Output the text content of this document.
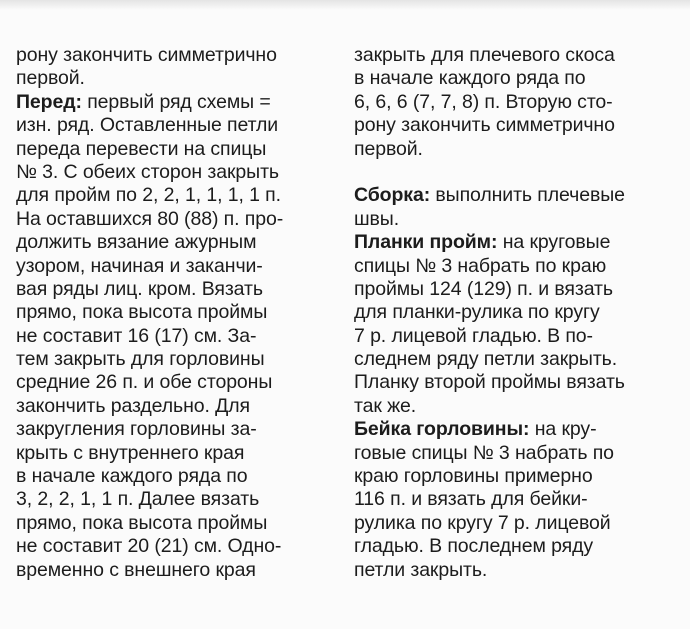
рону закончить симметрично
первой.
Перед: первый ряд схемы =
изн. ряд. Оставленные петли
переда перевести на спицы
№ 3. С обеих сторон закрыть
для пройм по 2, 2, 1, 1, 1, 1 п.
На оставшихся 80 (88) п. про-
должить вязание ажурным
узором, начиная и заканчи-
вая ряды лиц. кром. Вязать
прямо, пока высота проймы
не составит 16 (17) см. За-
тем закрыть для горловины
средние 26 п. и обе стороны
закончить раздельно. Для
закругления горловины за-
крыть с внутреннего края
в начале каждого ряда по
3, 2, 2, 1, 1 п. Далее вязать
прямо, пока высота проймы
не составит 20 (21) см. Одно-
временно с внешнего края
закрыть для плечевого скоса
в начале каждого ряда по
6, 6, 6 (7, 7, 8) п. Вторую сто-
рону закончить симметрично
первой.
Сборка: выполнить плечевые
швы.
Планки пройм: на круговые
спицы № 3 набрать по краю
проймы 124 (129) п. и вязать
для планки-рулика по кругу
7 р. лицевой гладью. В по-
следнем ряду петли закрыть.
Планку второй проймы вязать
так же.
Бейка горловины: на кру-
говые спицы № 3 набрать по
краю горловины примерно
116 п. и вязать для бейки-
рулика по кругу 7 р. лицевой
гладью. В последнем ряду
петли закрыть.
